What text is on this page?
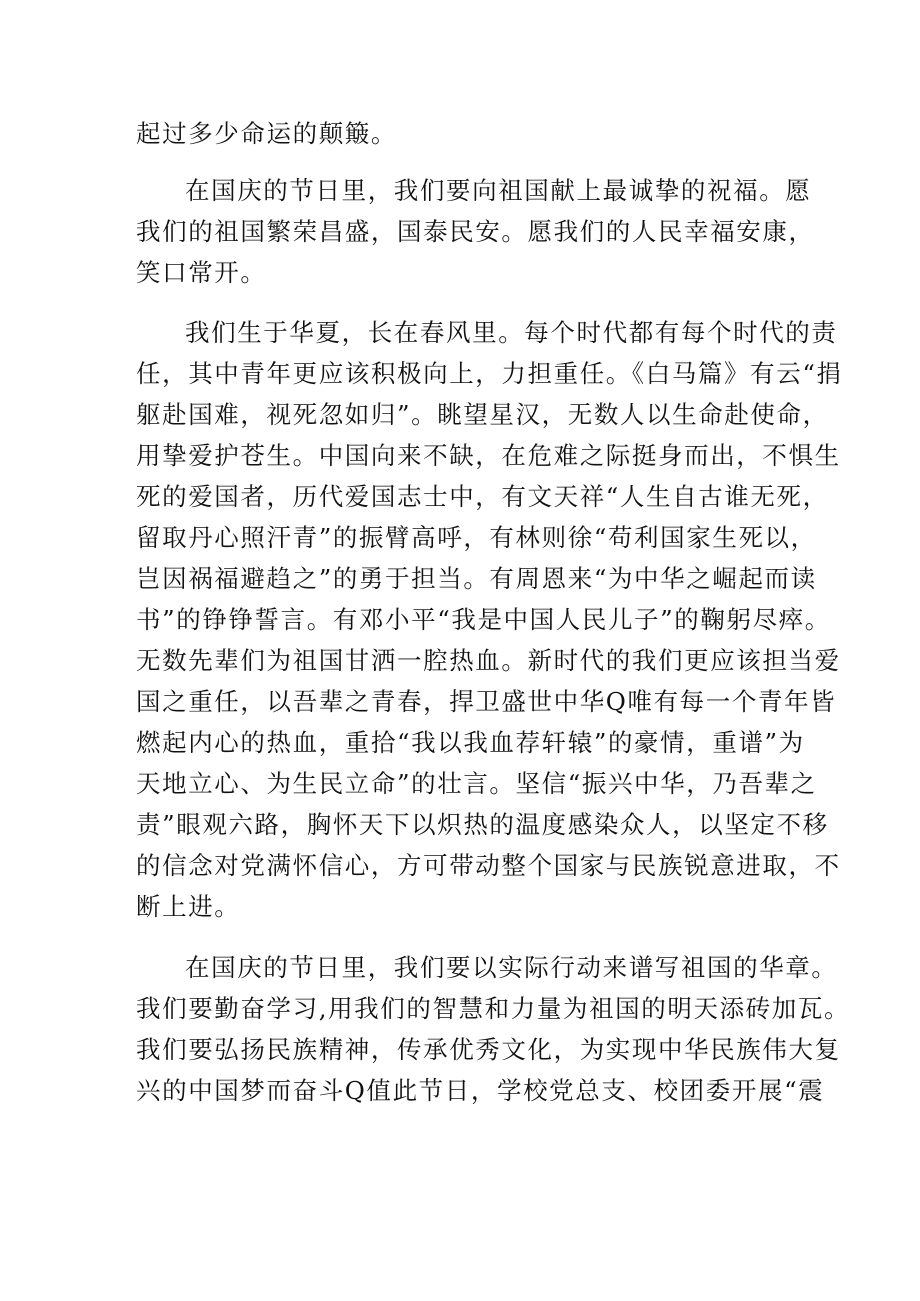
起过多少命运的颠簸。
在国庆的节日里，我们要向祖国献上最诚挚的祝福。愿
我们的祖国繁荣昌盛，国泰民安。愿我们的人民幸福安康，
笑口常开。
我们生于华夏，长在春风里。每个时代都有每个时代的责
任，其中青年更应该积极向上，力担重任。《白马篇》有云“捐
躯赴国难，视死忽如归”。眺望星汉，无数人以生命赴使命，
用挚爱护苍生。中国向来不缺，在危难之际挺身而出，不惧生
死的爱国者，历代爱国志士中，有文天祥“人生自古谁无死，
留取丹心照汗青”的振臂高呼，有林则徐“苟利国家生死以，
岂因祸福避趋之”的勇于担当。有周恩来“为中华之崛起而读
书”的铮铮誓言。有邓小平“我是中国人民儿子”的鞠躬尽瘁。
无数先辈们为祖国甘洒一腔热血。新时代的我们更应该担当爱
国之重任，以吾辈之青春，捍卫盛世中华Q唯有每一个青年皆
燃起内心的热血，重拾“我以我血荐轩辕”的豪情，重谱”为
天地立心、为生民立命”的壮言。坚信“振兴中华，乃吾辈之
责”眼观六路，胸怀天下以炽热的温度感染众人，以坚定不移
的信念对党满怀信心，方可带动整个国家与民族锐意进取，不
断上进。
在国庆的节日里，我们要以实际行动来谱写祖国的华章。
我们要勤奋学习,用我们的智慧和力量为祖国的明天添砖加瓦。
我们要弘扬民族精神，传承优秀文化，为实现中华民族伟大复
兴的中国梦而奋斗Q值此节日，学校党总支、校团委开展“震
